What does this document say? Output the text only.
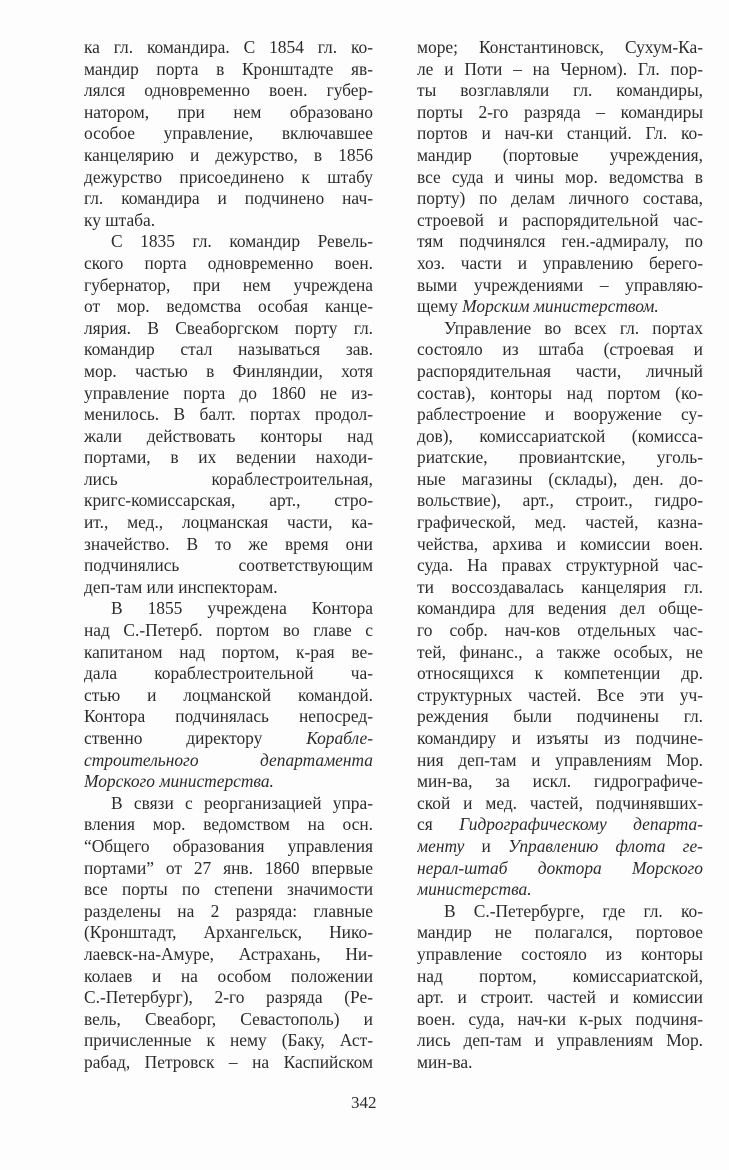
ка гл. командира. С 1854 гл. ко-
мандир порта в Кронштадте яв-
лялся одновременно воен. губер-
натором, при нем образовано
особое управление, включавшее
канцелярию и дежурство, в 1856
дежурство присоединено к штабу
гл. командира и подчинено нач-
ку штаба.
С 1835 гл. командир Ревель-
ского порта одновременно воен.
губернатор, при нем учреждена
от мор. ведомства особая канце-
лярия. В Свеаборгском порту гл.
командир стал называться зав.
мор. частью в Финляндии, хотя
управление порта до 1860 не из-
менилось. В балт. портах продол-
жали действовать конторы над
портами, в их ведении находи-
лись кораблестроительная,
кригс-комиссарская, арт., стро-
ит., мед., лоцманская части, ка-
значейство. В то же время они
подчинялись соответствующим
деп-там или инспекторам.
В 1855 учреждена Контора
над С.-Петерб. портом во главе с
капитаном над портом, к-рая ве-
дала кораблестроительной ча-
стью и лоцманской командой.
Контора подчинялась непосред-
ственно директору Корабле-
строительного департамента
Морского министерства.
В связи с реорганизацией упра-
вления мор. ведомством на осн.
“Общего образования управления
портами” от 27 янв. 1860 впервые
все порты по степени значимости
разделены на 2 разряда: главные
(Кронштадт, Архангельск, Нико-
лаевск-на-Амуре, Астрахань, Ни-
колаев и на особом положении
С.-Петербург), 2-го разряда (Ре-
вель, Свеаборг, Севастополь) и
причисленные к нему (Баку, Аст-
рабад, Петровск – на Каспийском
море; Константиновск, Сухум-Ка-
ле и Поти – на Черном). Гл. пор-
ты возглавляли гл. командиры,
порты 2-го разряда – командиры
портов и нач-ки станций. Гл. ко-
мандир (портовые учреждения,
все суда и чины мор. ведомства в
порту) по делам личного состава,
строевой и распорядительной час-
тям подчинялся ген.-адмиралу, по
хоз. части и управлению берего-
выми учреждениями – управляю-
щему Морским министерством.
Управление во всех гл. портах
состояло из штаба (строевая и
распорядительная части, личный
состав), конторы над портом (ко-
раблестроение и вооружение су-
дов), комиссариатской (комисса-
риатские, провиантские, уголь-
ные магазины (склады), ден. до-
вольствие), арт., строит., гидро-
графической, мед. частей, казна-
чейства, архива и комиссии воен.
суда. На правах структурной час-
ти воссоздавалась канцелярия гл.
командира для ведения дел обще-
го собр. нач-ков отдельных час-
тей, финанс., а также особых, не
относящихся к компетенции др.
структурных частей. Все эти уч-
реждения были подчинены гл.
командиру и изъяты из подчине-
ния деп-там и управлениям Мор.
мин-ва, за искл. гидрографиче-
ской и мед. частей, подчинявших-
ся Гидрографическому департа-
менту и Управлению флота ге-
нерал-штаб доктора Морского
министерства.
В С.-Петербурге, где гл. ко-
мандир не полагался, портовое
управление состояло из конторы
над портом, комиссариатской,
арт. и строит. частей и комиссии
воен. суда, нач-ки к-рых подчиня-
лись деп-там и управлениям Мор.
мин-ва.
342
